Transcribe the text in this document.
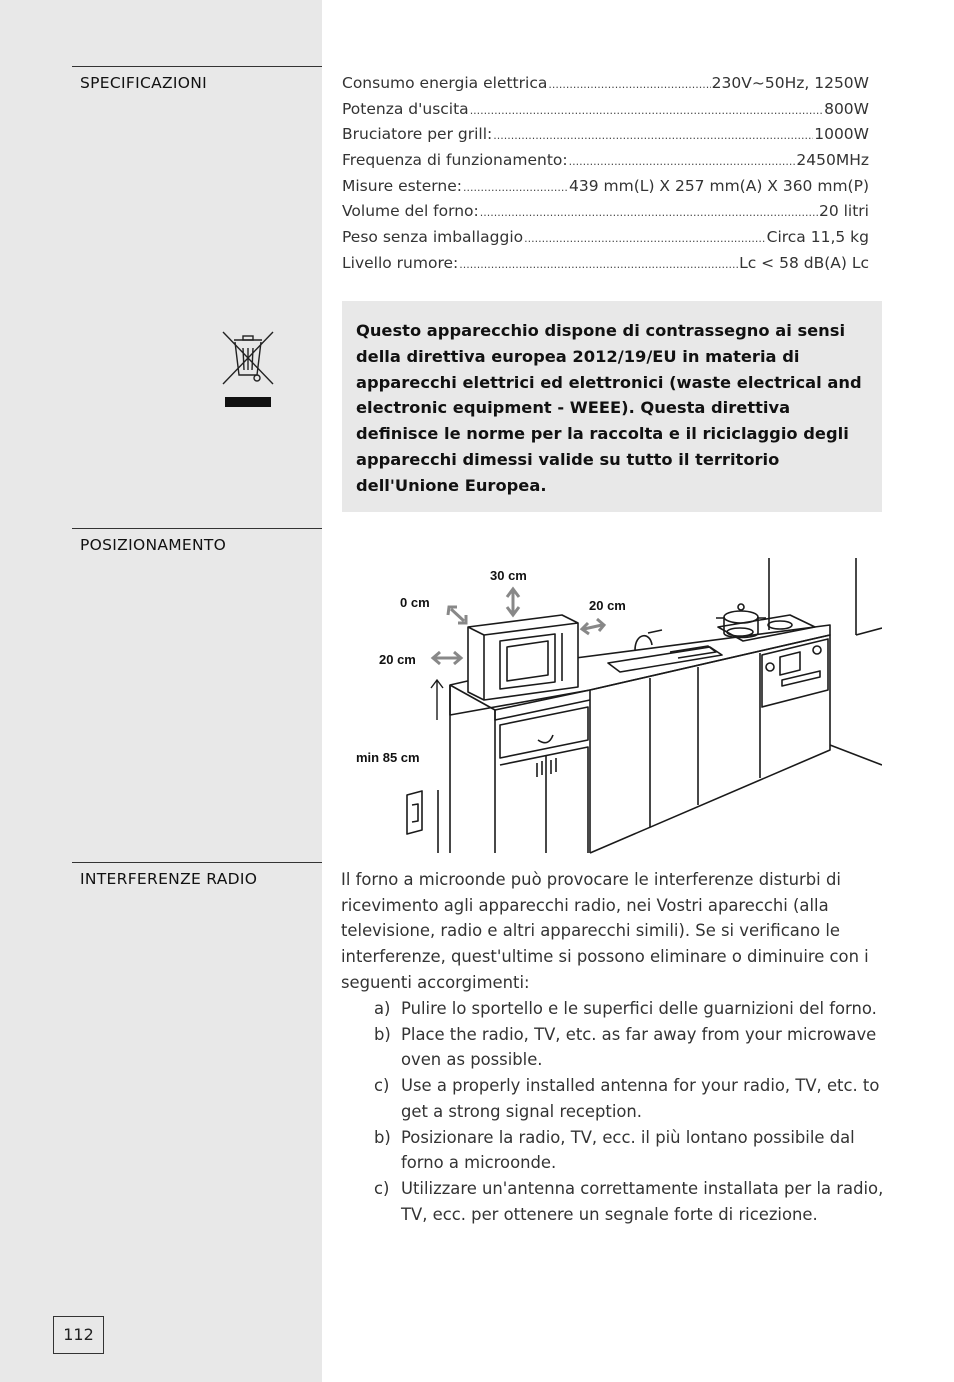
SPECIFICAZIONI
POSIZIONAMENTO
INTERFERENZE RADIO
Consumo energia elettrica .....	230V~50Hz, 1250W
Potenza d'uscita .....	800W
Bruciatore per grill: .....	1000W
Frequenza di funzionamento: .....	2450MHz
Misure esterne: .....	439 mm(L) X 257 mm(A) X 360 mm(P)
Volume del forno: .....	20 litri
Peso senza imballaggio .....	Circa 11,5 kg
Livello rumore: .....	Lc < 58 dB(A) Lc
Questo apparecchio dispone di contrassegno ai sensi della direttiva europea 2012/19/EU in materia di apparecchi elettrici ed elettronici (waste electrical and electronic equipment - WEEE). Questa direttiva definisce le norme per la raccolta e il riciclaggio degli apparecchi dimessi valide su tutto il territorio dell'Unione Europea.
30 cm
0 cm	20 cm
20 cm
min 85 cm
Il forno a microonde può provocare le interferenze disturbi di ricevimento agli apparecchi radio, nei Vostri aparecchi (alla televisione, radio e altri apparecchi simili). Se si verificano le interferenze, quest'ultime si possono eliminare o diminuire con i seguenti accorgimenti:
a) Pulire lo sportello e le superfici delle guarnizioni del forno.
b) Place the radio, TV, etc. as far away from your microwave oven as possible.
c) Use a properly installed antenna for your radio, TV, etc. to get a strong signal reception.
b) Posizionare la radio, TV, ecc. il più lontano possibile dal forno a microonde.
c) Utilizzare un'antenna correttamente installata per la radio, TV, ecc. per ottenere un segnale forte di ricezione.
112
